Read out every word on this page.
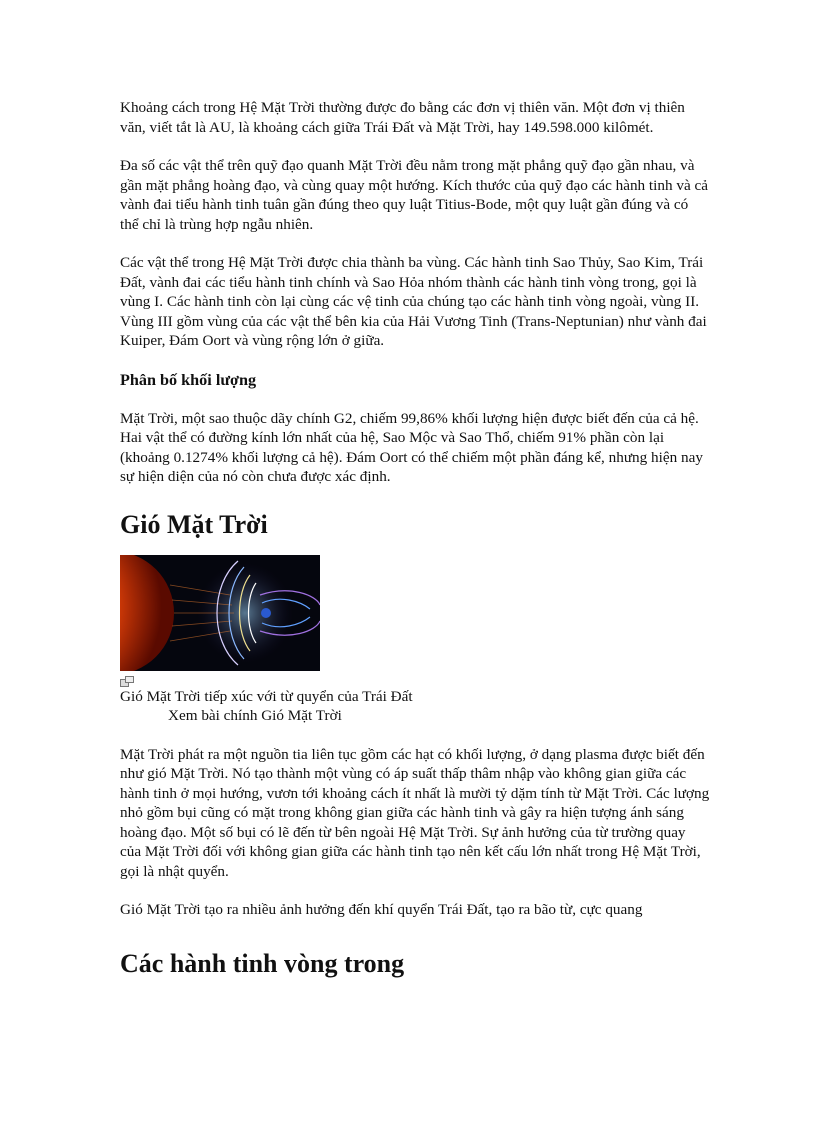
Khoảng cách trong Hệ Mặt Trời thường được đo bằng các đơn vị thiên văn. Một đơn vị thiên văn, viết tắt là AU, là khoảng cách giữa Trái Đất và Mặt Trời, hay 149.598.000 kilômét.

Đa số các vật thể trên quỹ đạo quanh Mặt Trời đều nằm trong mặt phẳng quỹ đạo gần nhau, và gần mặt phẳng hoàng đạo, và cùng quay một hướng. Kích thước của quỹ đạo các hành tinh và cả vành đai tiểu hành tinh tuân gần đúng theo quy luật Titius-Bode, một quy luật gần đúng và có thể chỉ là trùng hợp ngẫu nhiên.

Các vật thể trong Hệ Mặt Trời được chia thành ba vùng. Các hành tinh Sao Thủy, Sao Kim, Trái Đất, vành đai các tiểu hành tinh chính và Sao Hỏa nhóm thành các hành tinh vòng trong, gọi là vùng I. Các hành tinh còn lại cùng các vệ tinh của chúng tạo các hành tinh vòng ngoài, vùng II. Vùng III gồm vùng của các vật thể bên kia của Hải Vương Tinh (Trans-Neptunian) như vành đai Kuiper, Đám Oort và vùng rộng lớn ở giữa.

Phân bố khối lượng

Mặt Trời, một sao thuộc dãy chính G2, chiếm 99,86% khối lượng hiện được biết đến của cả hệ. Hai vật thể có đường kính lớn nhất của hệ, Sao Mộc và Sao Thổ, chiếm 91% phần còn lại (khoảng 0.1274% khối lượng cả hệ). Đám Oort có thể chiếm một phần đáng kể, nhưng hiện nay sự hiện diện của nó còn chưa được xác định.

Gió Mặt Trời

Gió Mặt Trời tiếp xúc với từ quyển của Trái Đất

Xem bài chính Gió Mặt Trời

Mặt Trời phát ra một nguồn tia liên tục gồm các hạt có khối lượng, ở dạng plasma được biết đến như gió Mặt Trời. Nó tạo thành một vùng có áp suất thấp thâm nhập vào không gian giữa các hành tinh ở mọi hướng, vươn tới khoảng cách ít nhất là mười tỷ dặm tính từ Mặt Trời. Các lượng nhỏ gồm bụi cũng có mặt trong không gian giữa các hành tinh và gây ra hiện tượng ánh sáng hoàng đạo. Một số bụi có lẽ đến từ bên ngoài Hệ Mặt Trời. Sự ảnh hưởng của từ trường quay của Mặt Trời đối với không gian giữa các hành tinh tạo nên kết cấu lớn nhất trong Hệ Mặt Trời, gọi là nhật quyển.

Gió Mặt Trời tạo ra nhiều ảnh hưởng đến khí quyển Trái Đất, tạo ra bão từ, cực quang

Các hành tinh vòng trong
